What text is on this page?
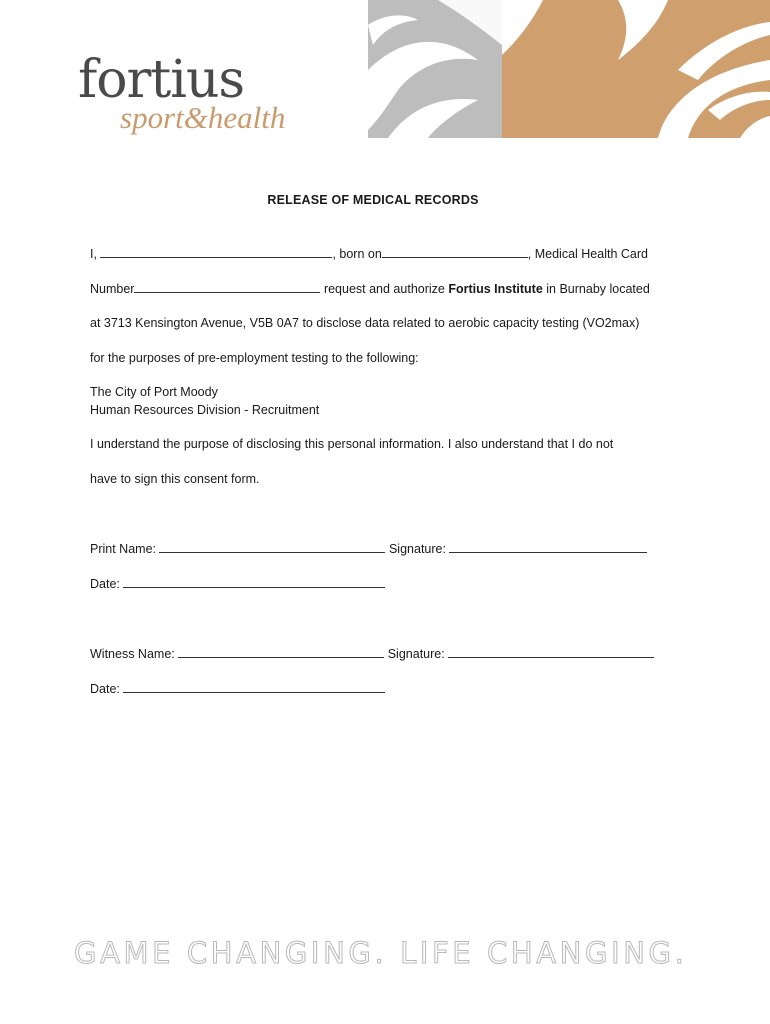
fortius
sport&health
RELEASE OF MEDICAL RECORDS
I,	, born on	, Medical Health Card
Number	request and authorize Fortius Institute in Burnaby located
at 3713 Kensington Avenue, V5B 0A7 to disclose data related to aerobic capacity testing (VO2max)
for the purposes of pre-employment testing to the following:
The City of Port Moody
Human Resources Division - Recruitment
I understand the purpose of disclosing this personal information. I also understand that I do not
have to sign this consent form.
Print Name:	Signature:
Date:
Witness Name:	Signature:
Date:
GAME CHANGING. LIFE CHANGING.
